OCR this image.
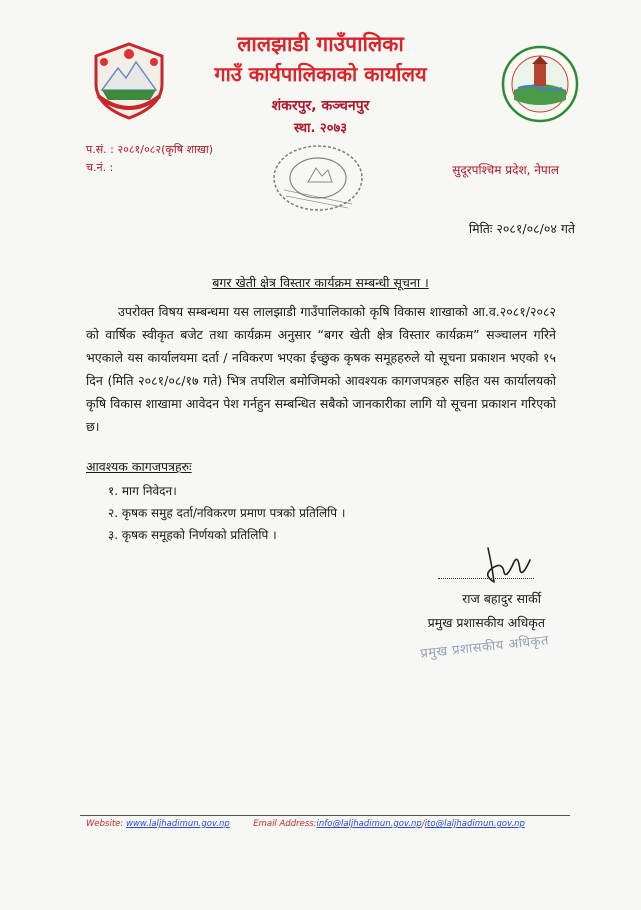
लालझाडी गाउँपालिका
गाउँ कार्यपालिकाको कार्यालय
शंकरपुर, कञ्चनपुर
स्था. २०७३
प.सं. : २०८१/०८२(कृषि शाखा)
च.नं. :	सुदूरपश्चिम प्रदेश, नेपाल
मितिः २०८१/०८/०४ गते
बगर खेती क्षेत्र विस्तार कार्यक्रम सम्बन्धी सूचना ।
उपरोक्त विषय सम्बन्धमा यस लालझाडी गाउँपालिकाको कृषि विकास शाखाको आ.व.२०८१/२०८२ को वार्षिक स्वीकृत बजेट तथा कार्यक्रम अनुसार “बगर खेती क्षेत्र विस्तार कार्यक्रम” सञ्चालन गरिने भएकाले यस कार्यालयमा दर्ता / नविकरण भएका ईच्छुक कृषक समूहहरुले यो सूचना प्रकाशन भएको १५ दिन (मिति २०८१/०८/१७ गते) भित्र तपशिल बमोजिमको आवश्यक कागजपत्रहरु सहित यस कार्यालयको कृषि विकास शाखामा आवेदन पेश गर्नहुन सम्बन्धित सबैको जानकारीका लागि यो सूचना प्रकाशन गरिएको छ।
आवश्यक कागजपत्रहरुः
१. माग निवेदन।
२. कृषक समुह दर्ता/नविकरण प्रमाण पत्रको प्रतिलिपि ।
३. कृषक समूहको निर्णयको प्रतिलिपि ।
राज बहादुर सार्की
प्रमुख प्रशासकीय अधिकृत
प्रमुख प्रशासकीय अधिकृत
Website: www.laljhadimun.gov.np	Email Address:info@laljhadimun.gov.np/ito@laljhadimun.gov.np
